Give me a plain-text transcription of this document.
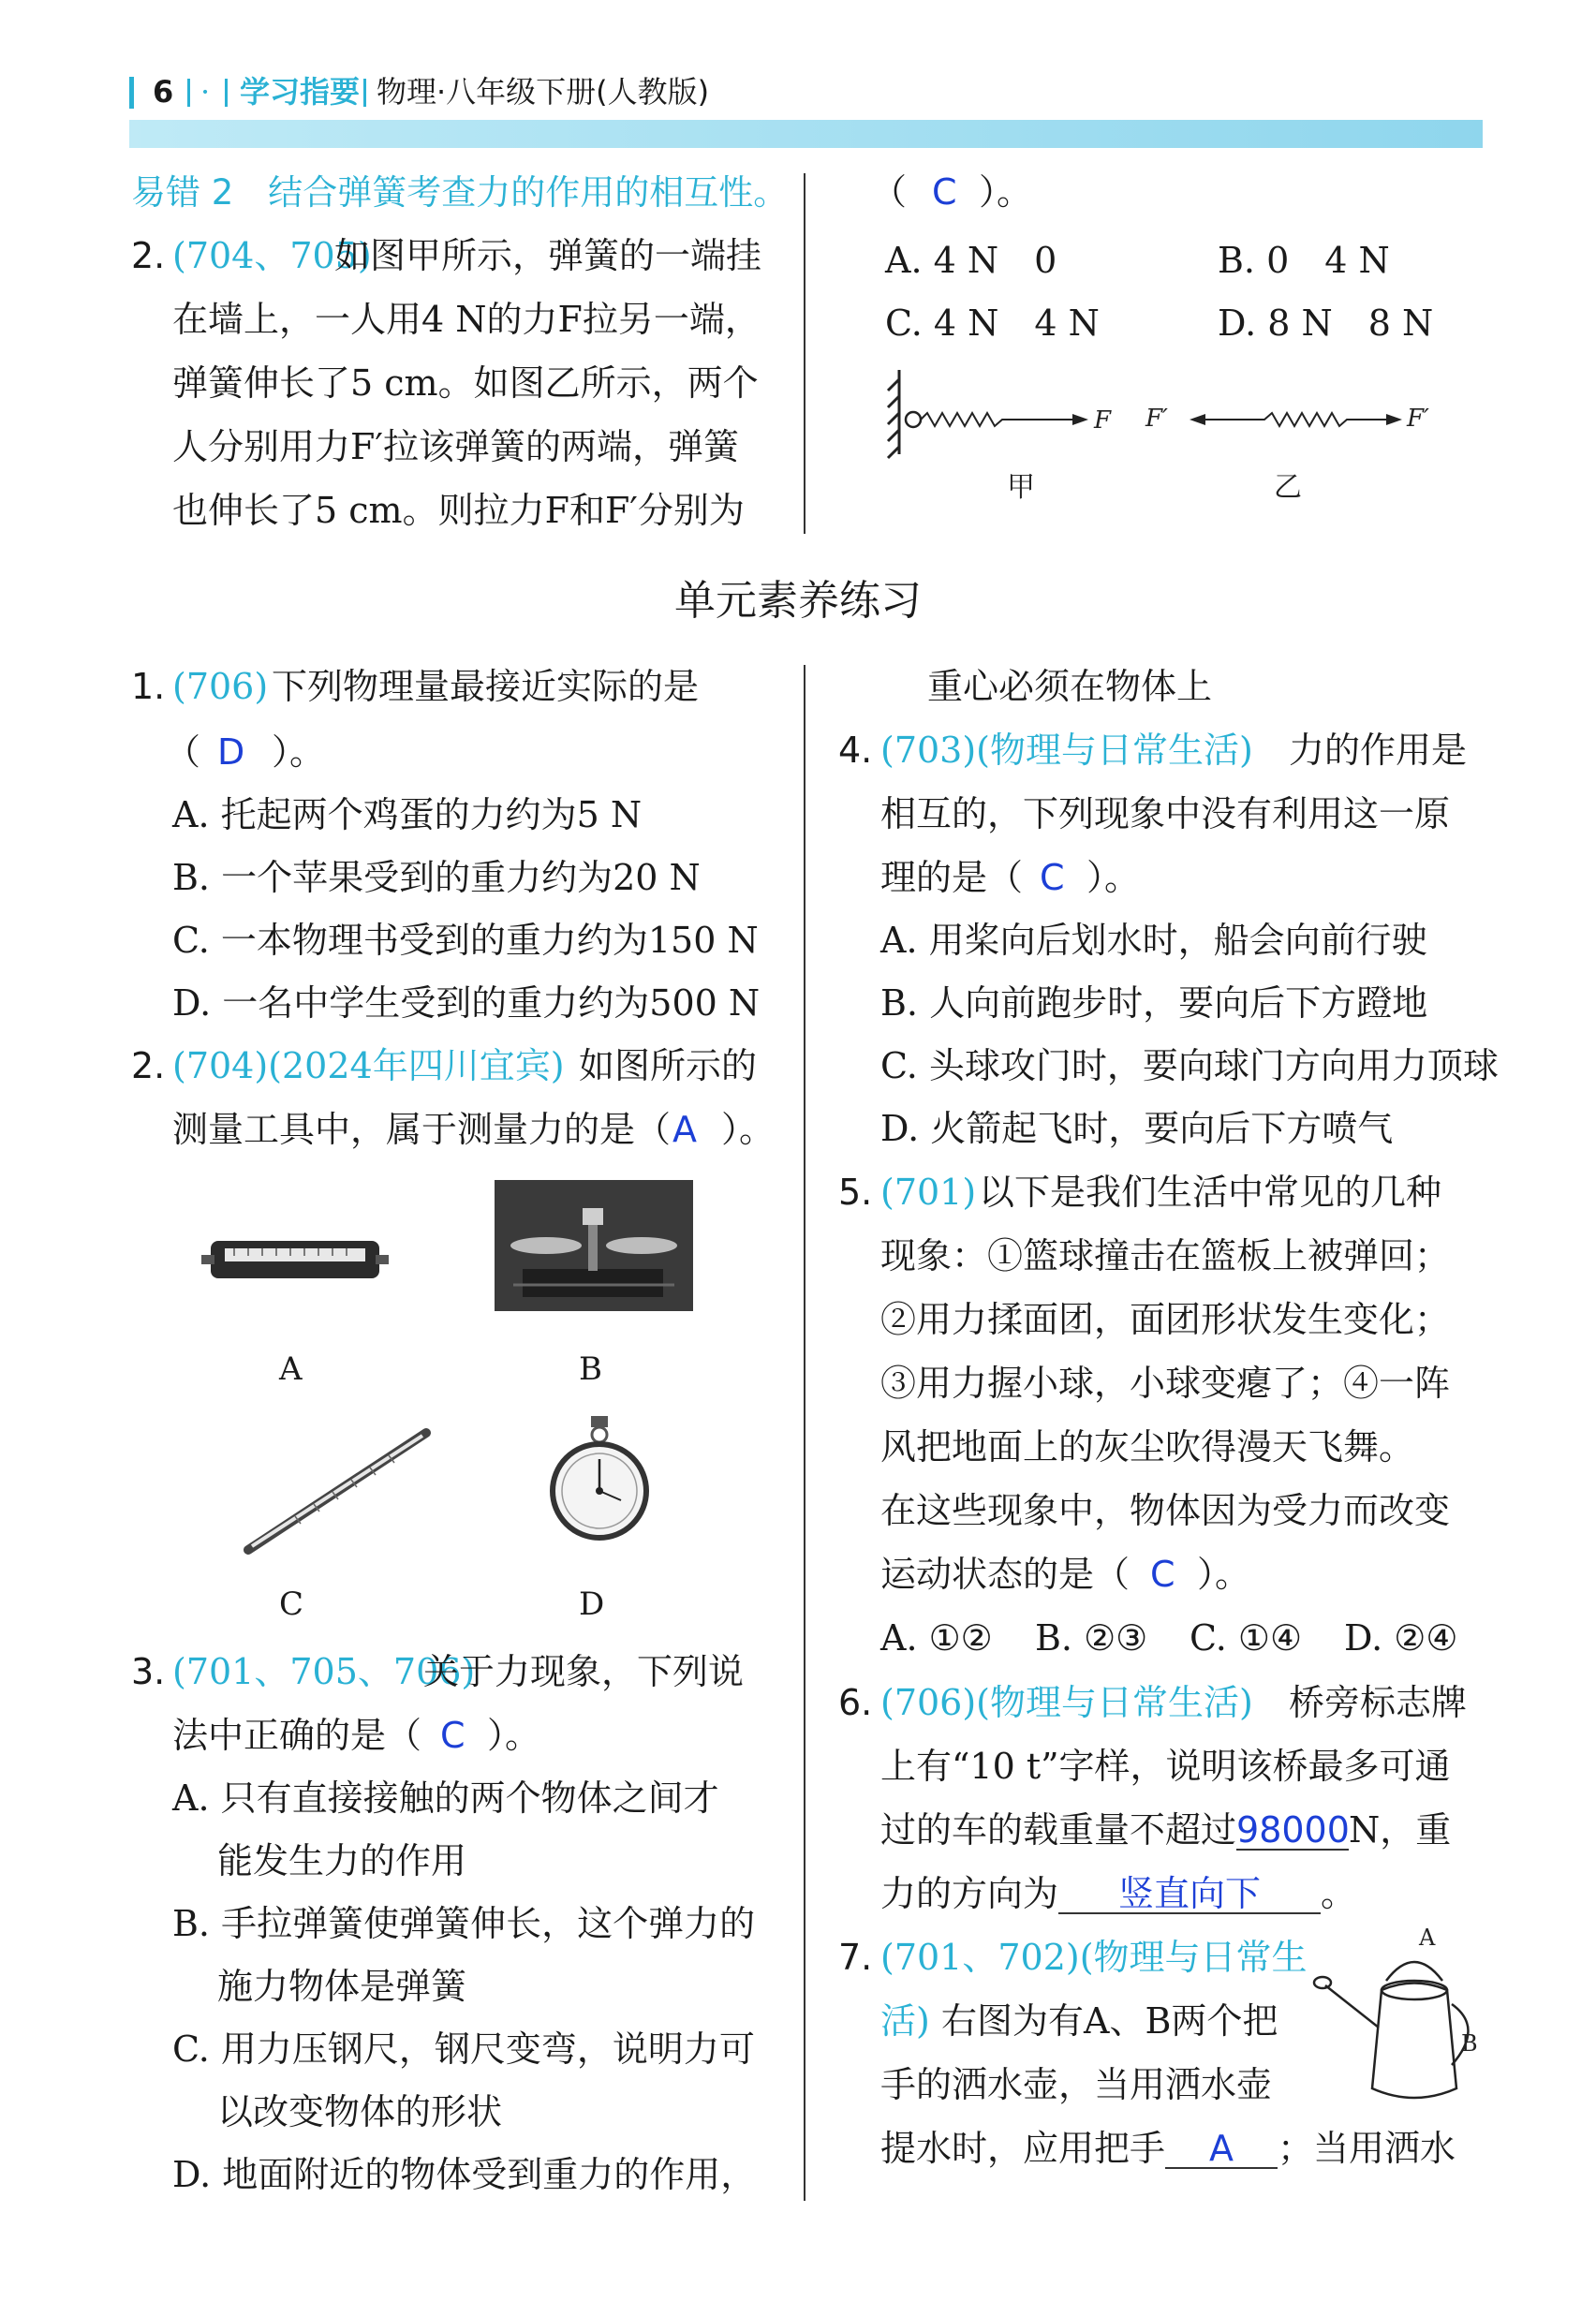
6 · 学习指要 物理·八年级下册(人教版)
易错 2　结合弹簧考查力的作用的相互性。
2. (704、705)
如图甲所示，弹簧的一端挂
在墙上，一人用4 N的力F拉另一端，
弹簧伸长了5 cm。如图乙所示，两个
人分别用力F′拉该弹簧的两端，弹簧
也伸长了5 cm。则拉力F和F′分别为
（ C ）。
A. 4 N　0	B. 0　4 N
C. 4 N　4 N	D. 8 N　8 N
F F′	F′
甲	乙
单元素养练习
1. (706) 下列物理量最接近实际的是
（ D ）。
A. 托起两个鸡蛋的力约为5 N
B. 一个苹果受到的重力约为20 N
C. 一本物理书受到的重力约为150 N
D. 一名中学生受到的重力约为500 N
2. (704)(2024年四川宜宾) 如图所示的
测量工具中，属于测量力的是（ A ）。
A	B
C	D
3. (701、705、706)
关于力现象，下列说
法中正确的是（ C ）。
A. 只有直接接触的两个物体之间才
能发生力的作用
B. 手拉弹簧使弹簧伸长，这个弹力的
施力物体是弹簧
C. 用力压钢尺，钢尺变弯，说明力可
以改变物体的形状
D. 地面附近的物体受到重力的作用，
重心必须在物体上
4. (703)(物理与日常生活) 力的作用是
相互的，下列现象中没有利用这一原
理的是（ C ）。
A. 用桨向后划水时，船会向前行驶
B. 人向前跑步时，要向后下方蹬地
C. 头球攻门时，要向球门方向用力顶球
D. 火箭起飞时，要向后下方喷气
5. (701) 以下是我们生活中常见的几种
现象：①篮球撞击在篮板上被弹回；
②用力揉面团，面团形状发生变化；
③用力握小球，小球变瘪了；④一阵
风把地面上的灰尘吹得漫天飞舞。
在这些现象中，物体因为受力而改变
运动状态的是（ C ）。
A. ①② B. ②③ C. ①④ D. ②④
6. (706)(物理与日常生活) 桥旁标志牌
上有“10 t”字样，说明该桥最多可通
过的车的载重量不超过98000N，重
力的方向为 竖直向下 。
7. (701、702)(物理与日常生
活) 右图为有A、B两个把
手的洒水壶，当用洒水壶
提水时，应用把手 A ；当用洒水
A
B
